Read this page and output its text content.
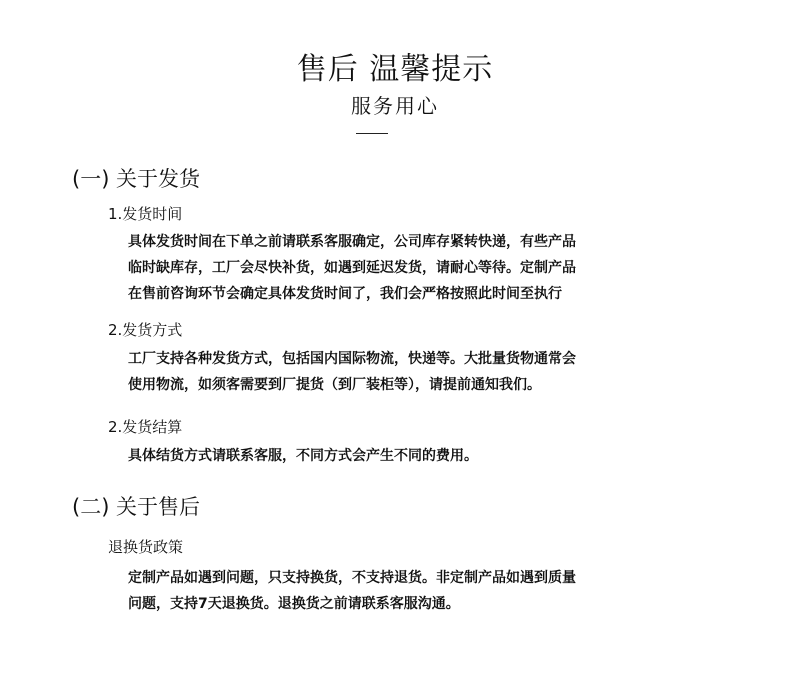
售后 温馨提示
服务用心
(一) 关于发货
1.发货时间
具体发货时间在下单之前请联系客服确定，公司库存紧转快递，有些产品
临时缺库存，工厂会尽快补货，如遇到延迟发货，请耐心等待。定制产品
在售前咨询环节会确定具体发货时间了，我们会严格按照此时间至执行
2.发货方式
工厂支持各种发货方式，包括国内国际物流，快递等。大批量货物通常会
使用物流，如须客需要到厂提货（到厂装柜等），请提前通知我们。
2.发货结算
具体结货方式请联系客服，不同方式会产生不同的费用。
(二) 关于售后
退换货政策
定制产品如遇到问题，只支持换货，不支持退货。非定制产品如遇到质量
问题，支持7天退换货。退换货之前请联系客服沟通。
